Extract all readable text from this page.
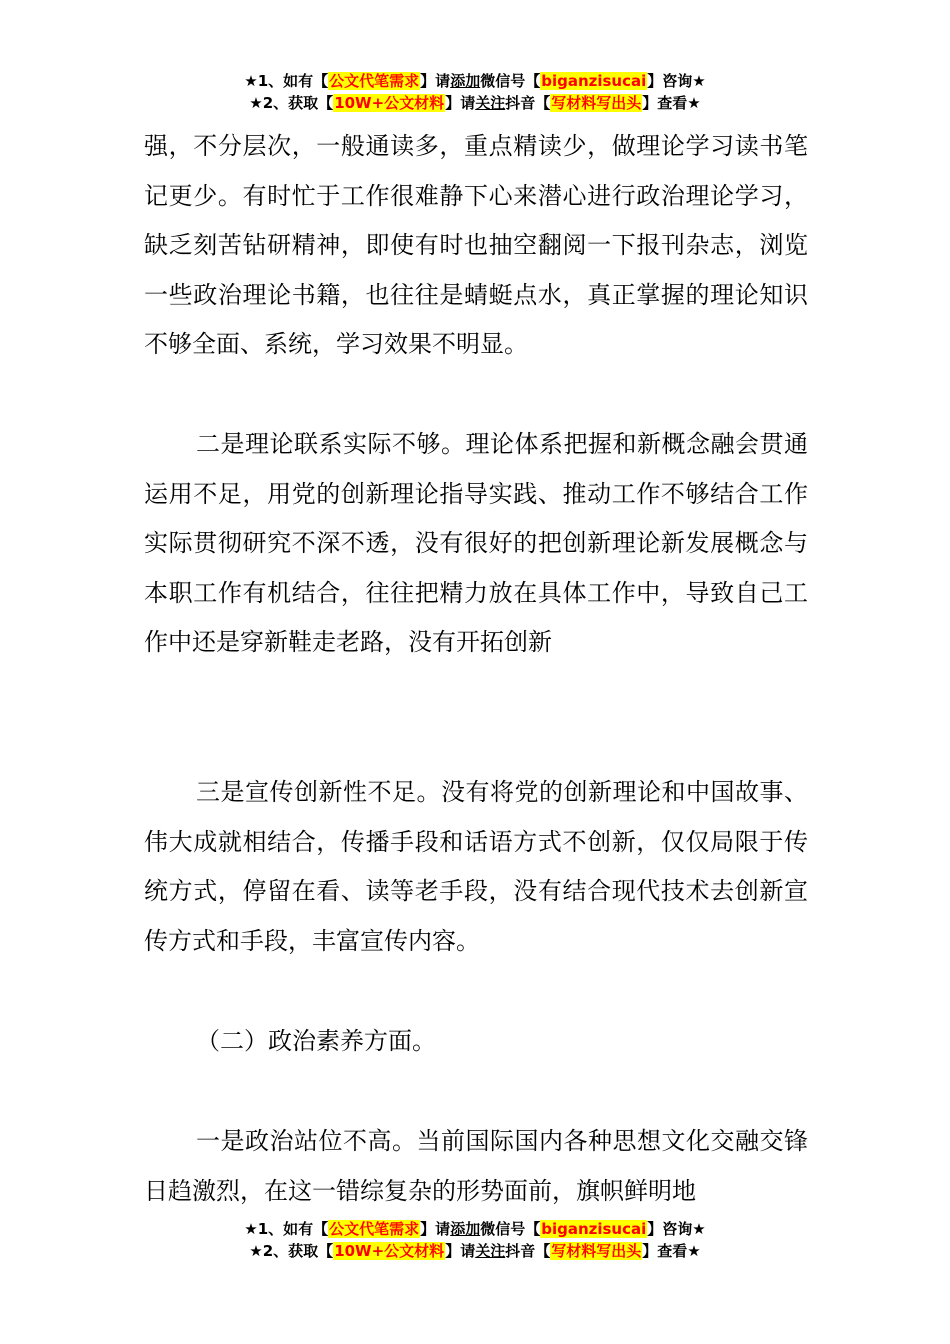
★1、如有【公文代笔需求】请添加微信号【biganzisucai】咨询★
★2、获取【10W+公文材料】请关注抖音【写材料写出头】查看★

强，不分层次，一般通读多，重点精读少，做理论学习读书笔记更少。有时忙于工作很难静下心来潜心进行政治理论学习，缺乏刻苦钻研精神，即使有时也抽空翻阅一下报刊杂志，浏览一些政治理论书籍，也往往是蜻蜓点水，真正掌握的理论知识不够全面、系统，学习效果不明显。

二是理论联系实际不够。理论体系把握和新概念融会贯通运用不足，用党的创新理论指导实践、推动工作不够结合工作实际贯彻研究不深不透，没有很好的把创新理论新发展概念与本职工作有机结合，往往把精力放在具体工作中，导致自己工作中还是穿新鞋走老路，没有开拓创新

三是宣传创新性不足。没有将党的创新理论和中国故事、伟大成就相结合，传播手段和话语方式不创新，仅仅局限于传统方式，停留在看、读等老手段，没有结合现代技术去创新宣传方式和手段，丰富宣传内容。

（二）政治素养方面。

一是政治站位不高。当前国际国内各种思想文化交融交锋日趋激烈，在这一错综复杂的形势面前，旗帜鲜明地

★1、如有【公文代笔需求】请添加微信号【biganzisucai】咨询★
★2、获取【10W+公文材料】请关注抖音【写材料写出头】查看★
